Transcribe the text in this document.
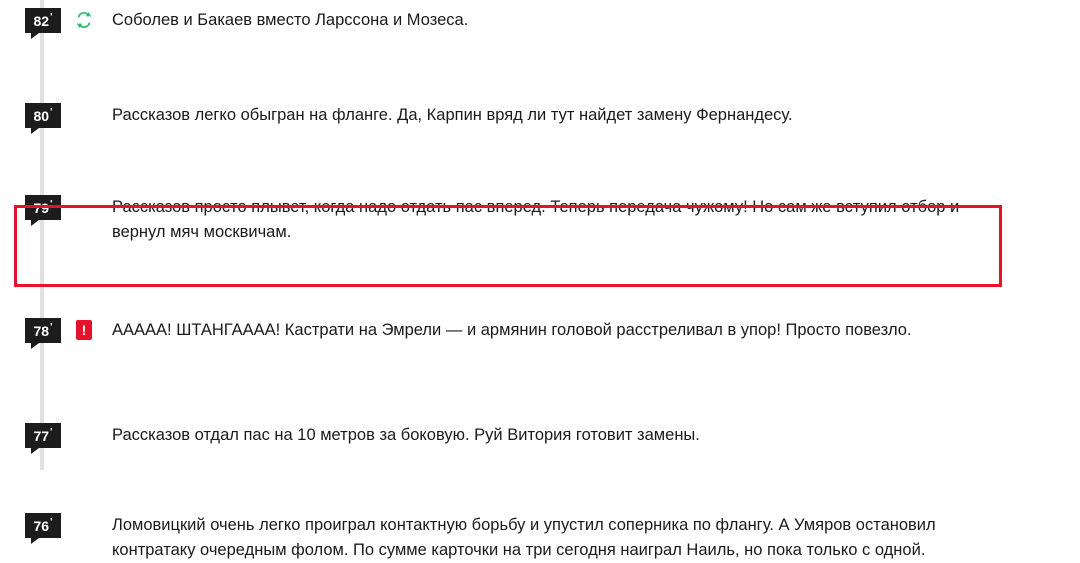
82 '	Соболев и Бакаев вместо Ларссона и Мозеса.
80 '	Рассказов легко обыгран на фланге. Да, Карпин вряд ли тут найдет замену Фернандесу.
79 '	Рассказов просто плывет, когда надо отдать пас вперед. Теперь передача чужому! Но сам же вступил отбор и вернул мяч москвичам.
78 '	!	ААААА! ШТАНГАААА! Кастрати на Эмрели — и армянин головой расстреливал в упор! Просто повезло.
77 '	Рассказов отдал пас на 10 метров за боковую. Руй Витория готовит замены.
76 '	Ломовицкий очень легко проиграл контактную борьбу и упустил соперника по флангу. А Умяров остановил контратаку очередным фолом. По сумме карточки на три сегодня наиграл Наиль, но пока только с одной.
